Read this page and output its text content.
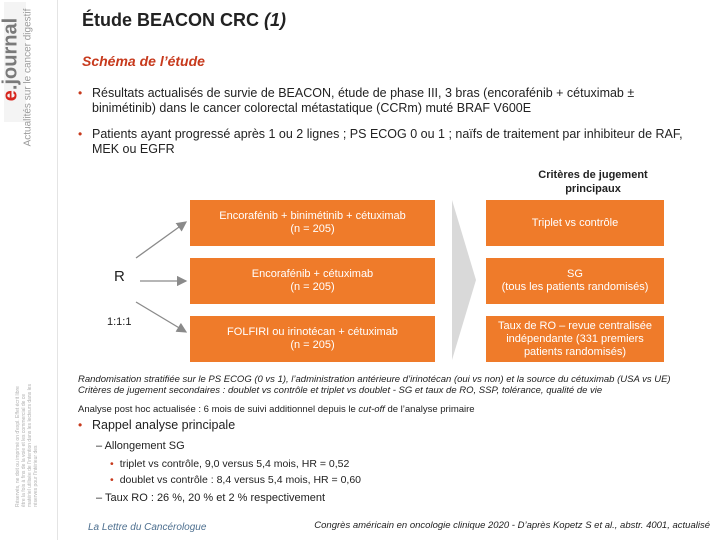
e.journal Actualités sur le cancer digestif
Réservés, ne doit ou imprimé on d'expl. Effet écrit libre être la fois à fins de la voie et les commercial de ce matériel utilisée de l'intention dans les lecteurs dans les réserves pour l'intérieur des
Étude BEACON CRC (1)
Schéma de l’étude
• Résultats actualisés de survie de BEACON, étude de phase III, 3 bras (encorafénib + cétuximab ± binimétinib) dans le cancer colorectal métastatique (CCRm) muté BRAF V600E
• Patients ayant progressé après 1 ou 2 lignes ; PS ECOG 0 ou 1 ; naïfs de traitement par inhibiteur de RAF, MEK ou EGFR
Critères de jugement principaux
R
1:1:1
Encorafénib + binimétinib + cétuximab
(n = 205)
Encorafénib + cétuximab
(n = 205)
FOLFIRI ou irinotécan + cétuximab
(n = 205)
Triplet vs contrôle
SG
(tous les patients randomisés)
Taux de RO – revue centralisée
indépendante (331 premiers
patients randomisés)
Randomisation stratifiée sur le PS ECOG (0 vs 1), l’administration antérieure d’irinotécan (oui vs non) et la source du cétuximab (USA vs UE)
Critères de jugement secondaires : doublet vs contrôle et triplet vs doublet - SG et taux de RO, SSP, tolérance, qualité de vie
Analyse post hoc actualisée : 6 mois de suivi additionnel depuis le cut-off de l’analyse primaire
• Rappel analyse principale
– Allongement SG
• triplet vs contrôle, 9,0 versus 5,4 mois, HR = 0,52
• doublet vs contrôle : 8,4 versus 5,4 mois, HR = 0,60
– Taux RO : 26 %, 20 % et 2 % respectivement
La Lettre du Cancérologue	Congrès américain en oncologie clinique 2020 - D’après Kopetz S et al., abstr. 4001, actualisé
